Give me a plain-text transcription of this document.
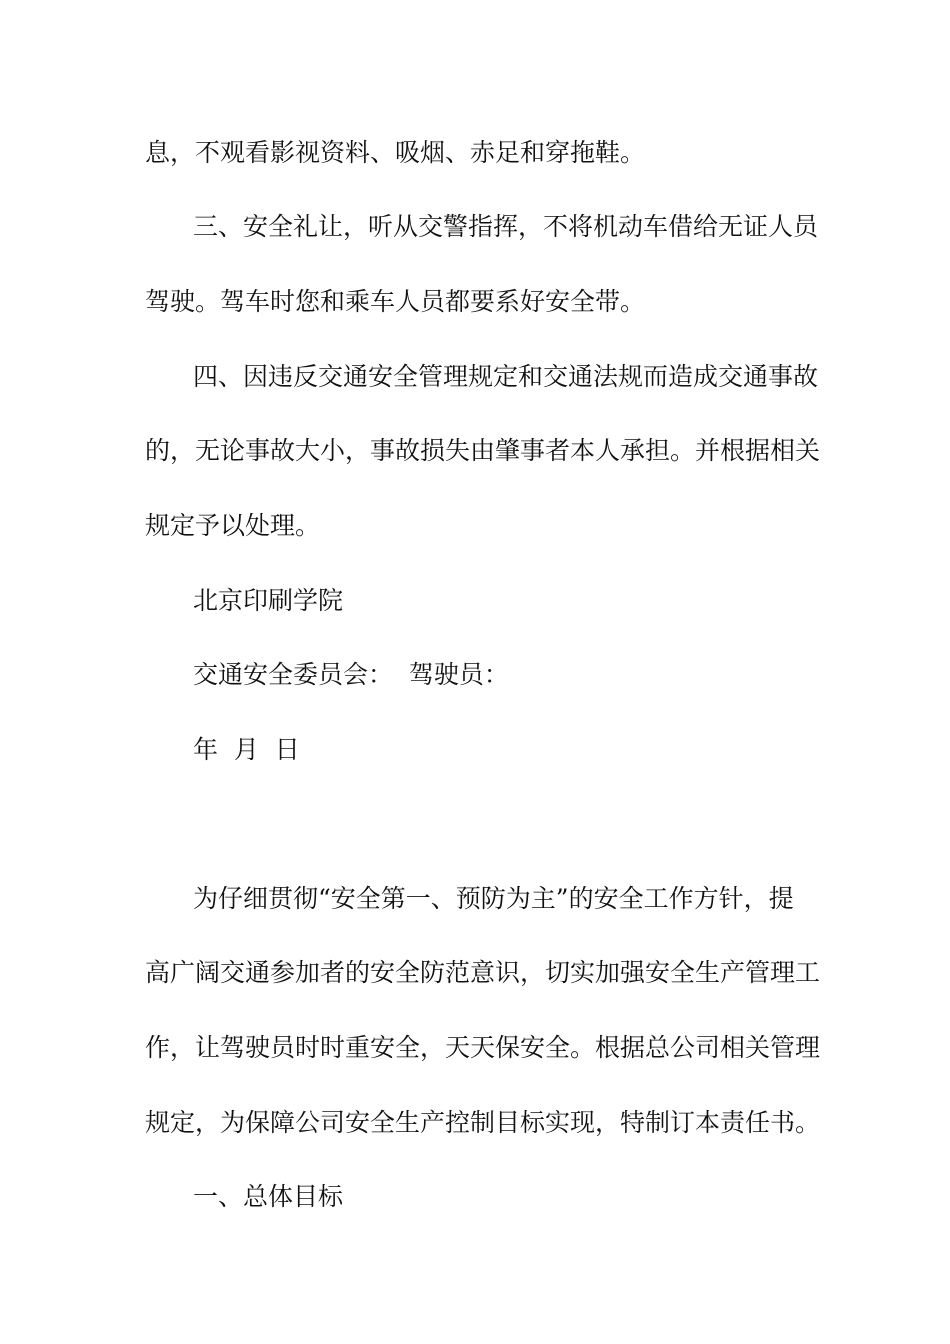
息，不观看影视资料、吸烟、赤足和穿拖鞋。
三、安全礼让，听从交警指挥，不将机动车借给无证人员
驾驶。驾车时您和乘车人员都要系好安全带。
四、因违反交通安全管理规定和交通法规而造成交通事故
的，无论事故大小，事故损失由肇事者本人承担。并根据相关
规定予以处理。
北京印刷学院
交通安全委员会：  驾驶员：
年  月  日
为仔细贯彻“安全第一、预防为主”的安全工作方针，提
高广阔交通参加者的安全防范意识，切实加强安全生产管理工
作，让驾驶员时时重安全，天天保安全。根据总公司相关管理
规定，为保障公司安全生产控制目标实现，特制订本责任书。
一、总体目标
